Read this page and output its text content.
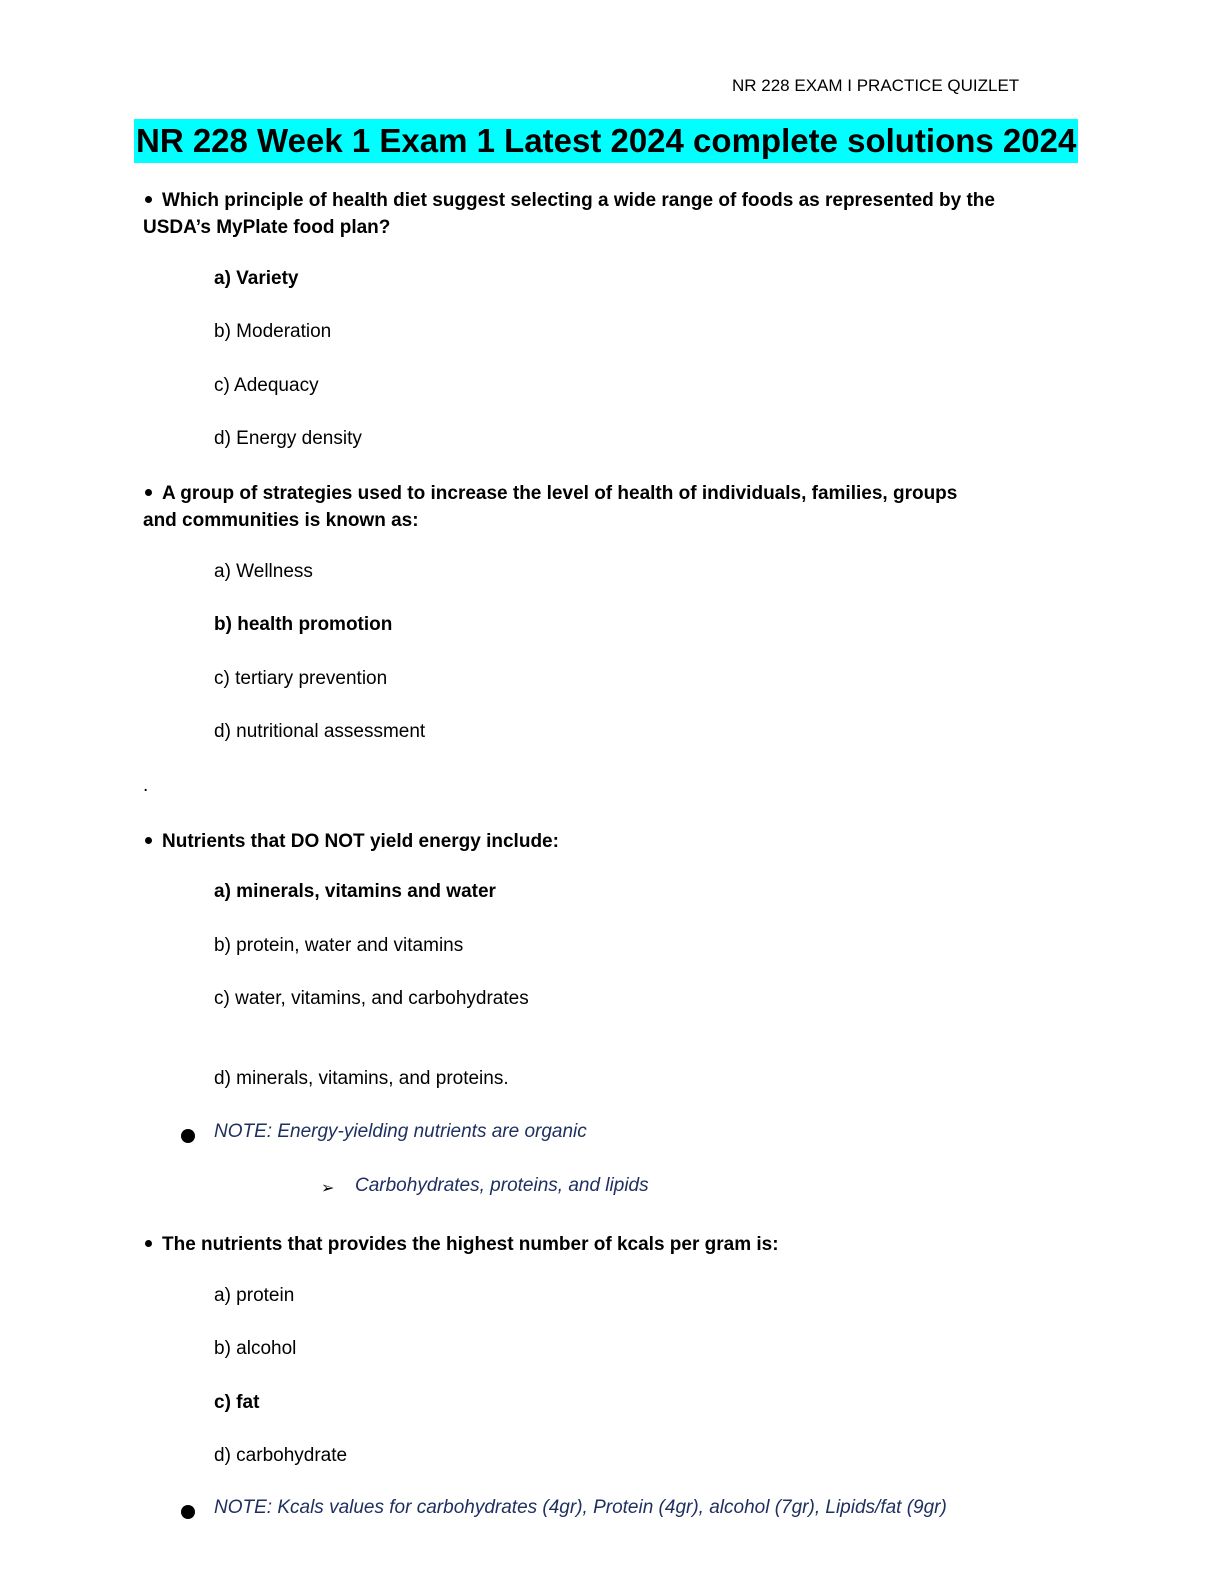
NR 228 EXAM I PRACTICE QUIZLET
NR 228 Week 1 Exam 1 Latest 2024 complete solutions 2024
Which principle of health diet suggest selecting a wide range of foods as represented by the
USDA’s MyPlate food plan?
a) Variety
b) Moderation
c) Adequacy
d) Energy density
A group of strategies used to increase the level of health of individuals, families, groups
and communities is known as:
a) Wellness
b) health promotion
c) tertiary prevention
d) nutritional assessment
.
Nutrients that DO NOT yield energy include:
a) minerals, vitamins and water
b) protein, water and vitamins
c) water, vitamins, and carbohydrates
d) minerals, vitamins, and proteins.
NOTE: Energy-yielding nutrients are organic
➢ Carbohydrates, proteins, and lipids
The nutrients that provides the highest number of kcals per gram is:
a) protein
b) alcohol
c) fat
d) carbohydrate
NOTE: Kcals values for carbohydrates (4gr), Protein (4gr), alcohol (7gr), Lipids/fat (9gr)
